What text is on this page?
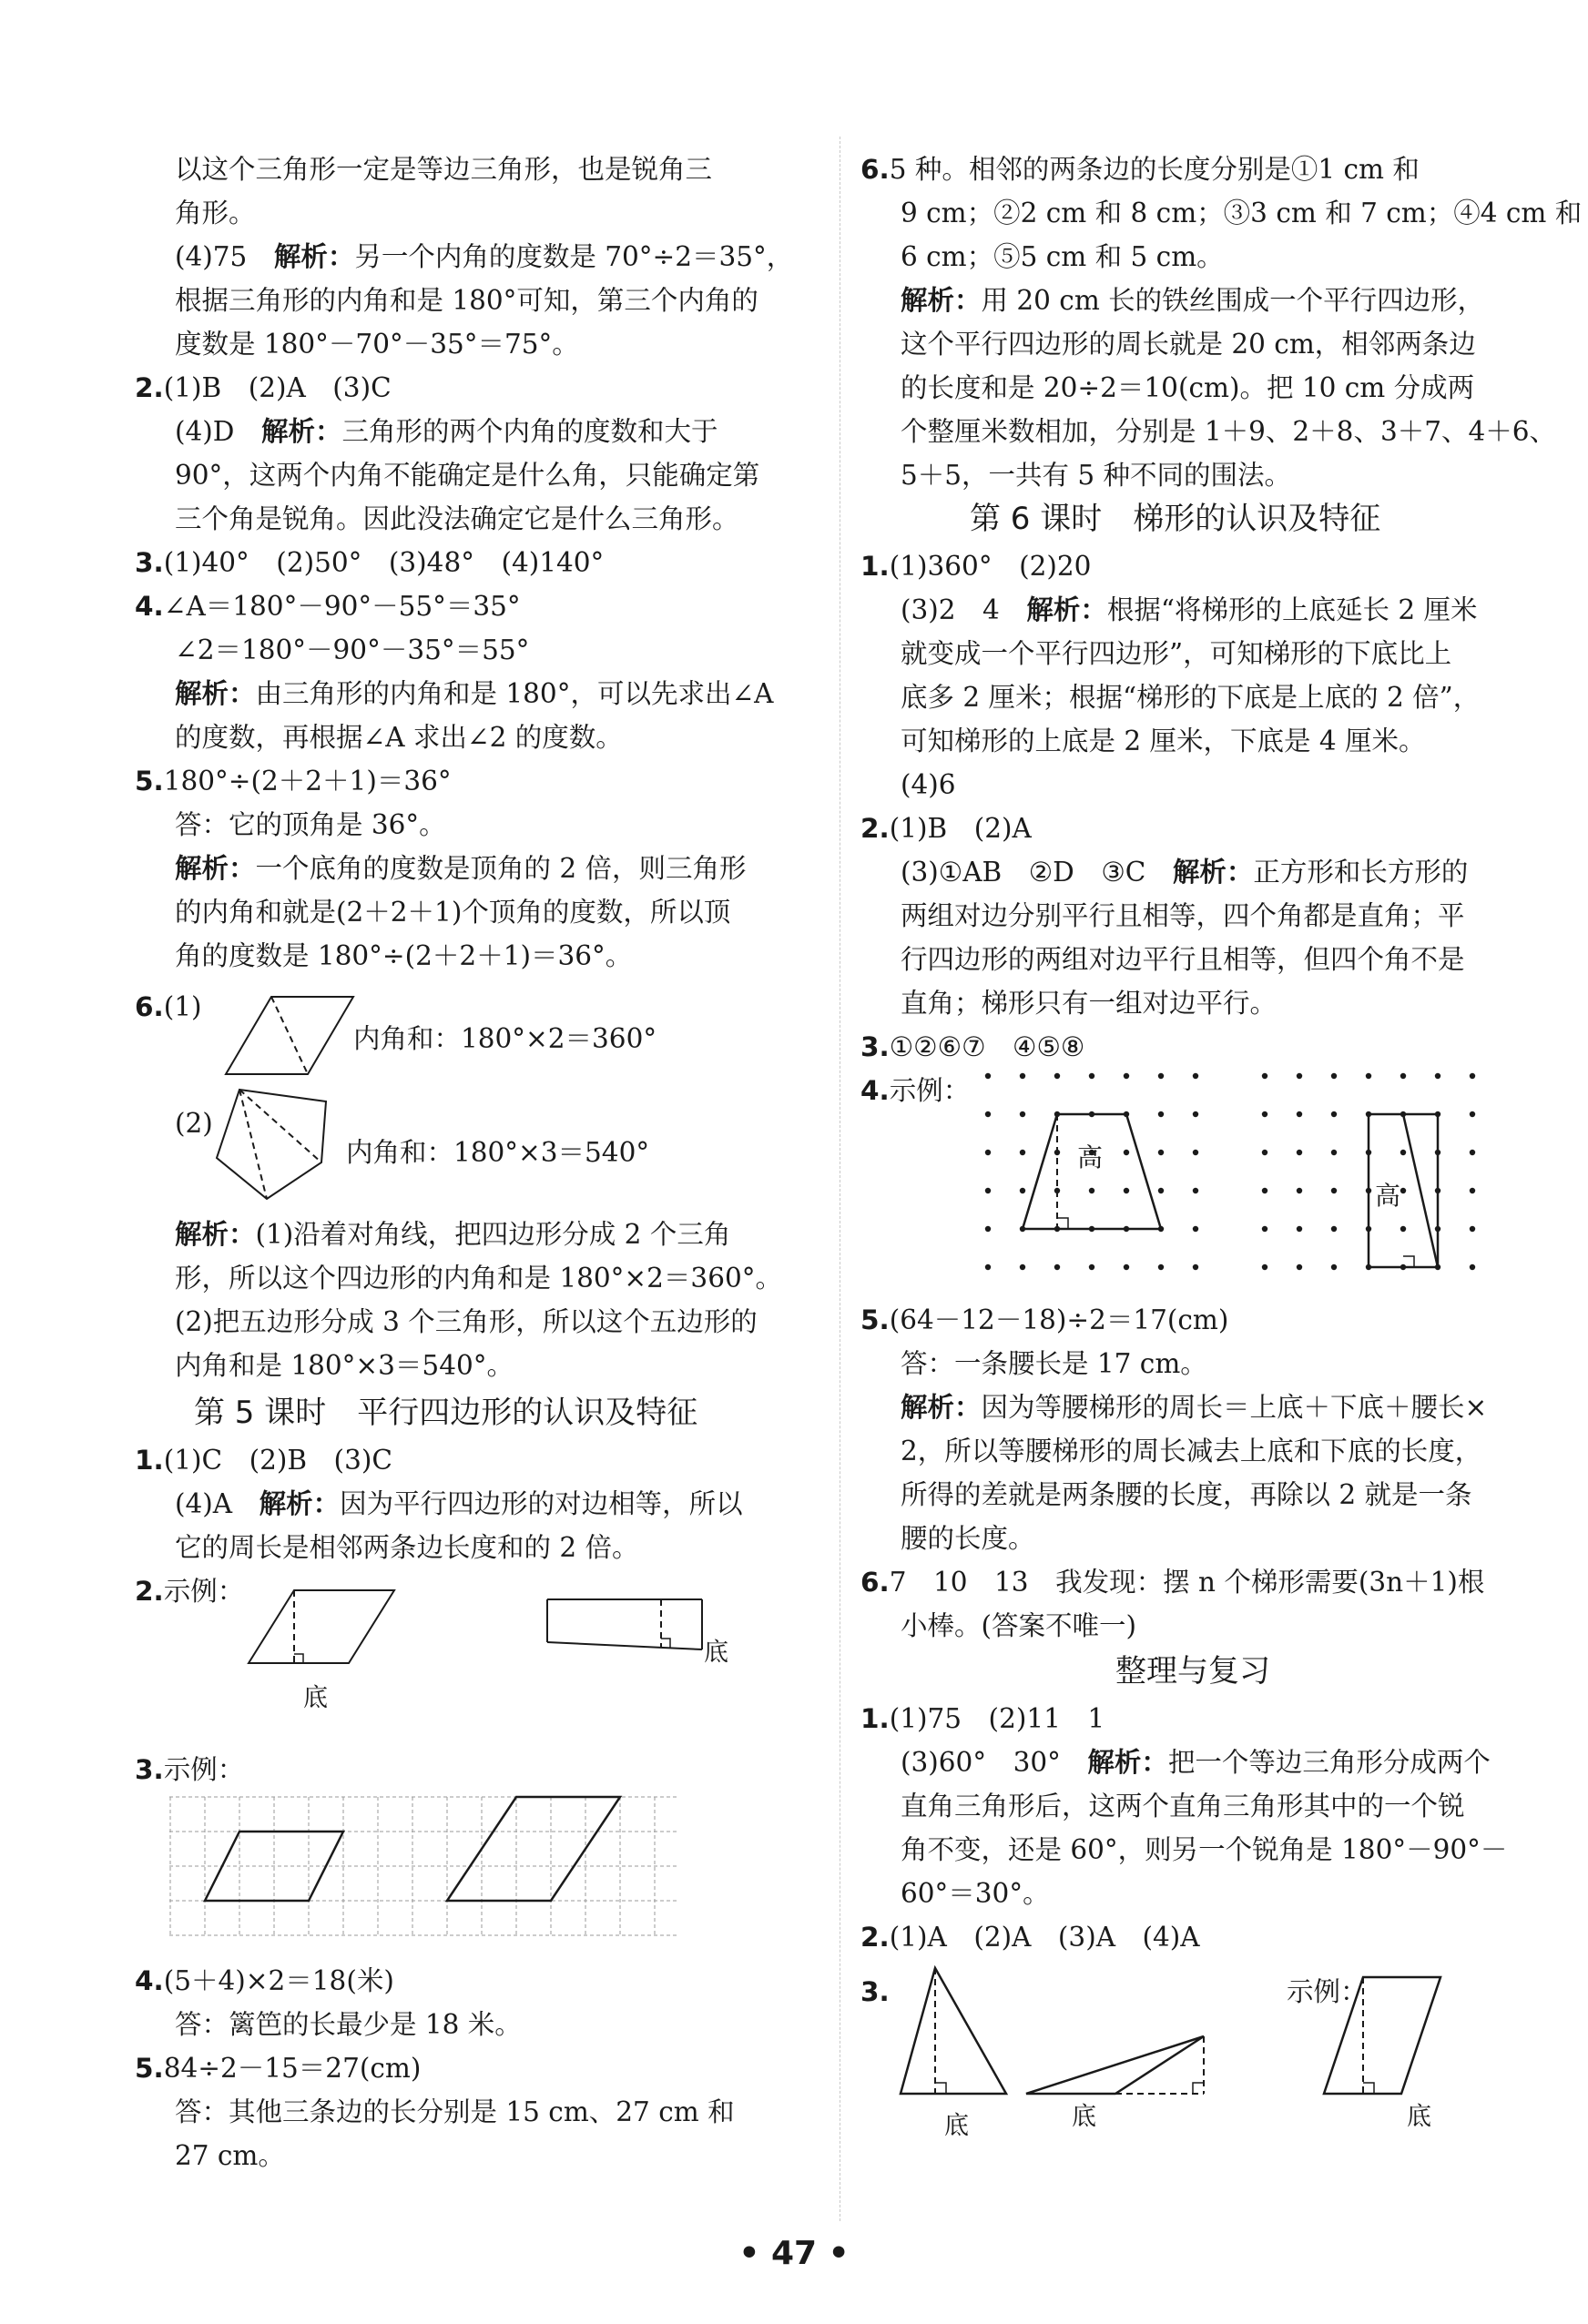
以这个三角形一定是等边三角形，也是锐角三
角形。
(4)75　 解析：另一个内角的度数是 70°÷2＝35°，
根据三角形的内角和是 180°可知，第三个内角的
度数是 180°－70°－35°＝75°。
2.(1)B　(2)A　(3)C
(4)D　 解析：三角形的两个内角的度数和大于
90°，这两个内角不能确定是什么角，只能确定第
三个角是锐角。因此没法确定它是什么三角形。
3.(1)40°　(2)50°　(3)48°　(4)140°
4.∠A＝180°－90°－55°＝35°
∠2＝180°－90°－35°＝55°
解析：由三角形的内角和是 180°，可以先求出∠A
的度数，再根据∠A 求出∠2 的度数。
5.180°÷(2＋2＋1)＝36°
答：它的顶角是 36°。
解析：一个底角的度数是顶角的 2 倍，则三角形
的内角和就是(2＋2＋1)个顶角的度数，所以顶
角的度数是 180°÷(2＋2＋1)＝36°。
6.(1)
内角和：180°×2＝360°
(2)
内角和：180°×3＝540°
解析：(1)沿着对角线，把四边形分成 2 个三角
形，所以这个四边形的内角和是 180°×2＝360°。
(2)把五边形分成 3 个三角形，所以这个五边形的
内角和是 180°×3＝540°。
第 5 课时　平行四边形的认识及特征
1.(1)C　(2)B　(3)C
(4)A　 解析：因为平行四边形的对边相等，所以
它的周长是相邻两条边长度和的 2 倍。
2.示例：
底
底
3.示例：
4.(5＋4)×2＝18(米)
答：篱笆的长最少是 18 米。
5.84÷2－15＝27(cm)
答：其他三条边的长分别是 15 cm、27 cm 和
27 cm。
6.5 种。相邻的两条边的长度分别是①1 cm 和
9 cm；②2 cm 和 8 cm；③3 cm 和 7 cm；④4 cm 和
6 cm；⑤5 cm 和 5 cm。
解析：用 20 cm 长的铁丝围成一个平行四边形，
这个平行四边形的周长就是 20 cm，相邻两条边
的长度和是 20÷2＝10(cm)。把 10 cm 分成两
个整厘米数相加，分别是 1＋9、2＋8、3＋7、4＋6、
5＋5，一共有 5 种不同的围法。
第 6 课时　梯形的认识及特征
1.(1)360°　(2)20
(3)2　4　 解析：根据“将梯形的上底延长 2 厘米
就变成一个平行四边形”，可知梯形的下底比上
底多 2 厘米；根据“梯形的下底是上底的 2 倍”，
可知梯形的上底是 2 厘米，下底是 4 厘米。
(4)6
2.(1)B　(2)A
(3)①AB　②D　③C　 解析：正方形和长方形的
两组对边分别平行且相等，四个角都是直角；平
行四边形的两组对边平行且相等，但四个角不是
直角；梯形只有一组对边平行。
3.①②⑥⑦　④⑤⑧
4.示例：
高
高
5.(64－12－18)÷2＝17(cm)
答：一条腰长是 17 cm。
解析：因为等腰梯形的周长＝上底＋下底＋腰长×
2，所以等腰梯形的周长减去上底和下底的长度，
所得的差就是两条腰的长度，再除以 2 就是一条
腰的长度。
6.7　10　13　我发现：摆 n 个梯形需要(3n＋1)根
小棒。(答案不唯一)
整理与复习
1.(1)75　(2)11　1
(3)60°　30°　 解析：把一个等边三角形分成两个
直角三角形后，这两个直角三角形其中的一个锐
角不变，还是 60°，则另一个锐角是 180°－90°－
60°＝30°。
2.(1)A　(2)A　(3)A　(4)A
3.	示例：
底	底	底
• 47 •
